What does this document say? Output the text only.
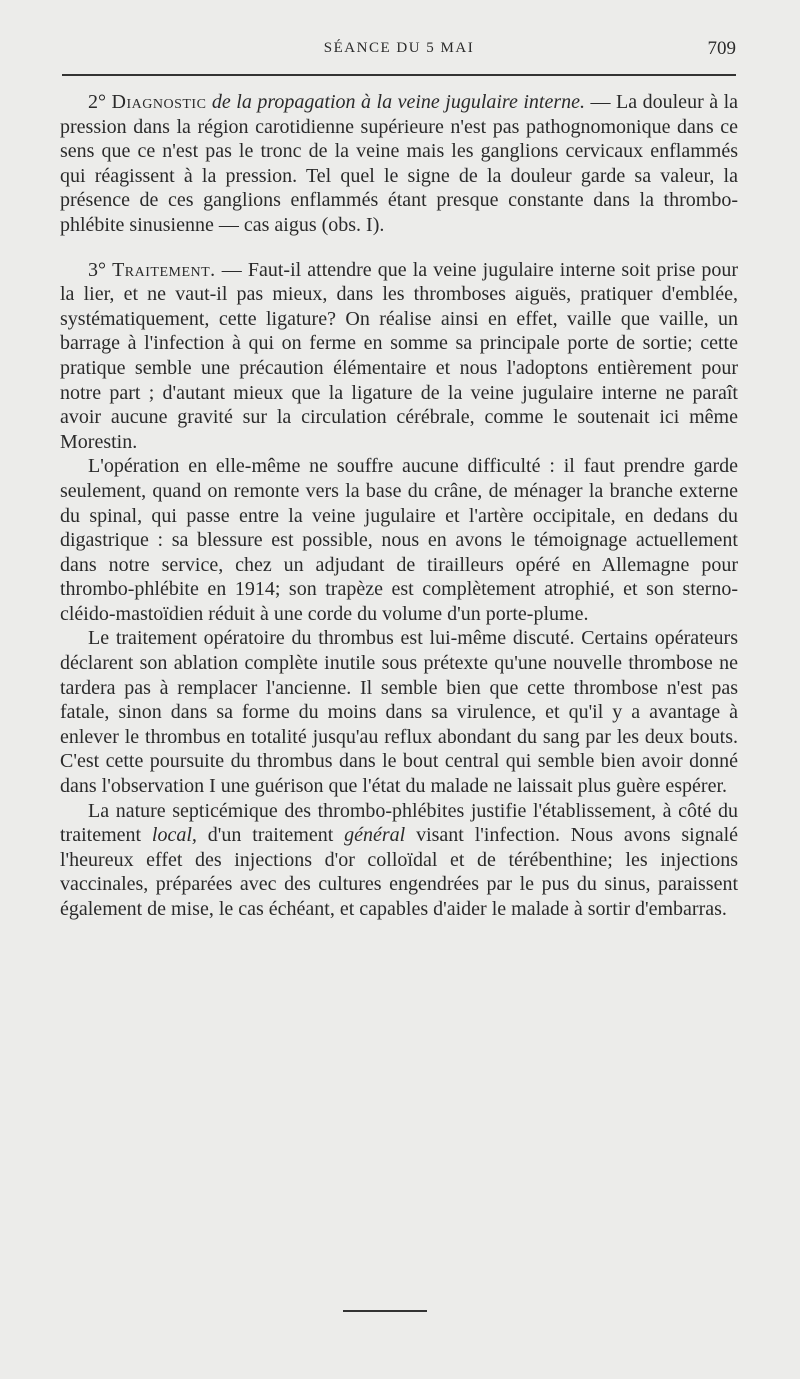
SÉANCE DU 5 MAI	709

2° Diagnostic de la propagation à la veine jugulaire interne. — La douleur à la pression dans la région carotidienne supérieure n'est pas pathognomonique dans ce sens que ce n'est pas le tronc de la veine mais les ganglions cervicaux enflammés qui réagissent à la pression. Tel quel le signe de la douleur garde sa valeur, la présence de ces ganglions enflammés étant presque constante dans la thrombo-phlébite sinusienne — cas aigus (obs. I).

3° Traitement. — Faut-il attendre que la veine jugulaire interne soit prise pour la lier, et ne vaut-il pas mieux, dans les thromboses aiguës, pratiquer d'emblée, systématiquement, cette ligature? On réalise ainsi en effet, vaille que vaille, un barrage à l'infection à qui on ferme en somme sa principale porte de sortie; cette pratique semble une précaution élémentaire et nous l'adoptons entièrement pour notre part ; d'autant mieux que la ligature de la veine jugulaire interne ne paraît avoir aucune gravité sur la circulation cérébrale, comme le soutenait ici même Morestin.

L'opération en elle-même ne souffre aucune difficulté : il faut prendre garde seulement, quand on remonte vers la base du crâne, de ménager la branche externe du spinal, qui passe entre la veine jugulaire et l'artère occipitale, en dedans du digastrique : sa blessure est possible, nous en avons le témoignage actuellement dans notre service, chez un adjudant de tirailleurs opéré en Allemagne pour thrombo-phlébite en 1914; son trapèze est complètement atrophié, et son sterno-cléido-mastoïdien réduit à une corde du volume d'un porte-plume.

Le traitement opératoire du thrombus est lui-même discuté. Certains opérateurs déclarent son ablation complète inutile sous prétexte qu'une nouvelle thrombose ne tardera pas à remplacer l'ancienne. Il semble bien que cette thrombose n'est pas fatale, sinon dans sa forme du moins dans sa virulence, et qu'il y a avantage à enlever le thrombus en totalité jusqu'au reflux abondant du sang par les deux bouts. C'est cette poursuite du thrombus dans le bout central qui semble bien avoir donné dans l'observation I une guérison que l'état du malade ne laissait plus guère espérer.

La nature septicémique des thrombo-phlébites justifie l'établissement, à côté du traitement local, d'un traitement général visant l'infection. Nous avons signalé l'heureux effet des injections d'or colloïdal et de térébenthine; les injections vaccinales, préparées avec des cultures engendrées par le pus du sinus, paraissent également de mise, le cas échéant, et capables d'aider le malade à sortir d'embarras.
